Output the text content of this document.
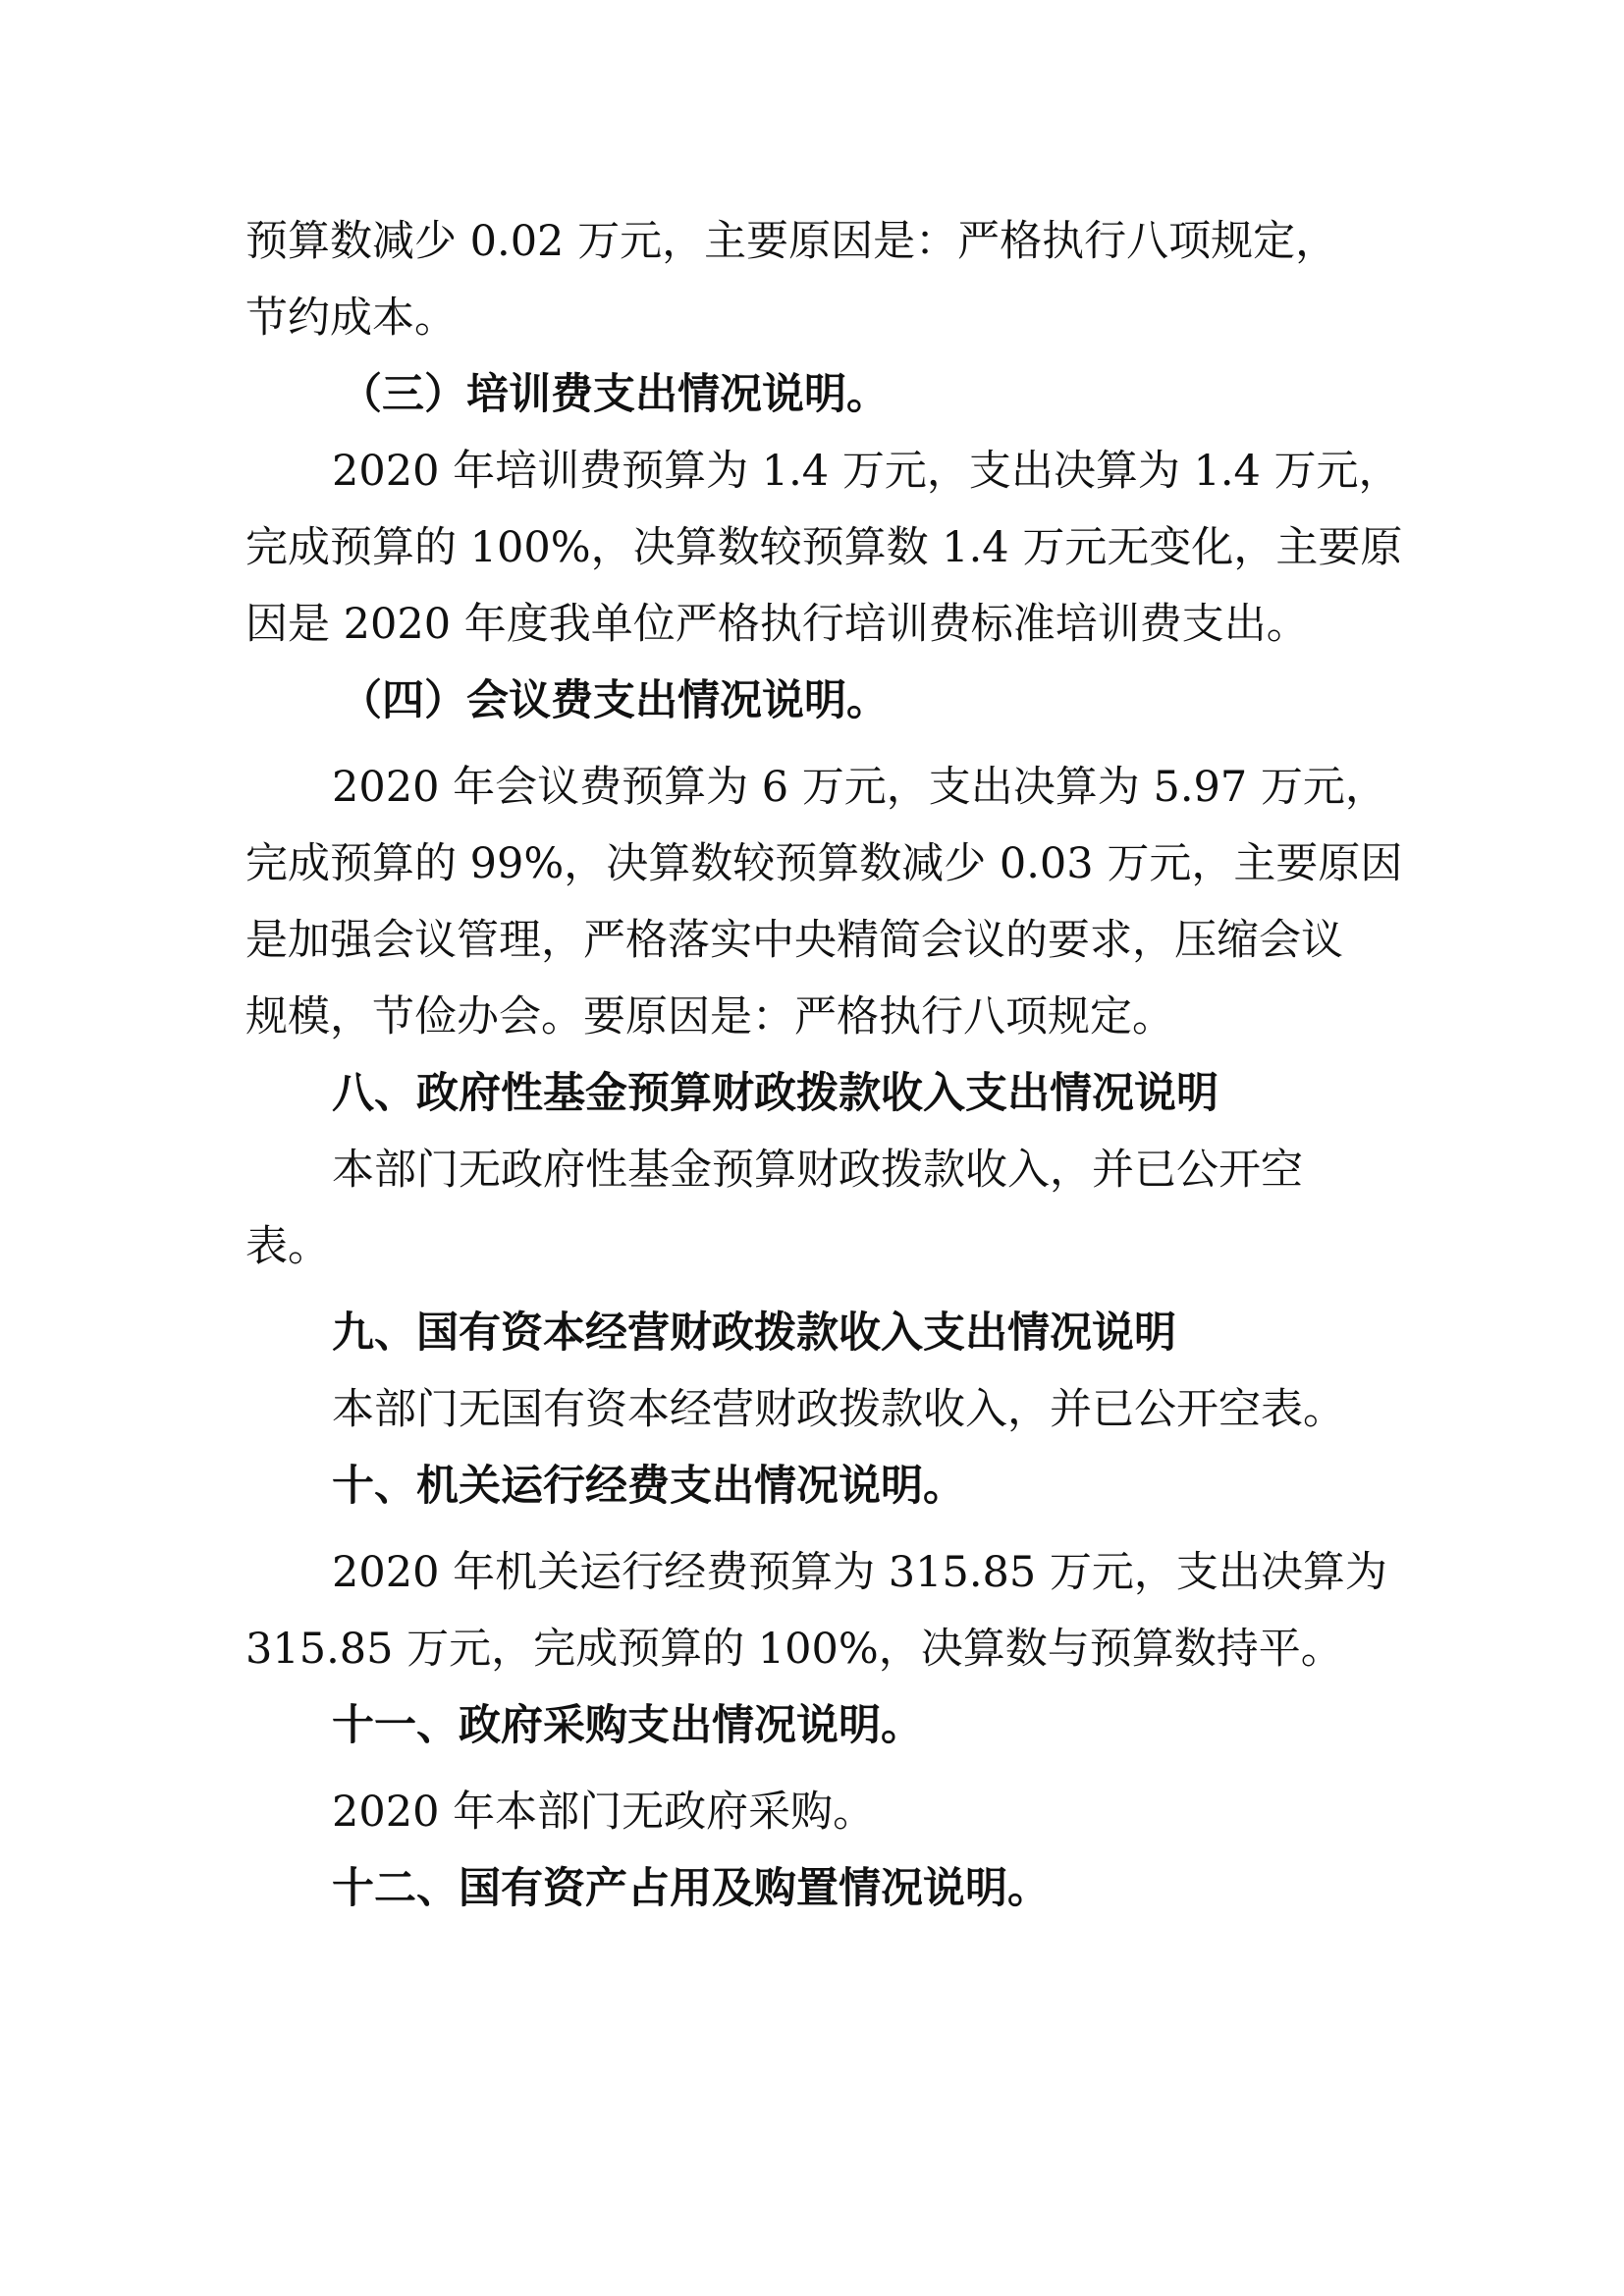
预算数减少 0.02 万元，主要原因是：严格执行八项规定，
节约成本。
（三）培训费支出情况说明。
2020 年培训费预算为 1.4 万元，支出决算为 1.4 万元，
完成预算的 100%，决算数较预算数 1.4 万元无变化，主要原
因是 2020 年度我单位严格执行培训费标准培训费支出。
（四）会议费支出情况说明。
2020 年会议费预算为 6 万元，支出决算为 5.97 万元，
完成预算的 99%，决算数较预算数减少 0.03 万元，主要原因
是加强会议管理，严格落实中央精简会议的要求，压缩会议
规模，节俭办会。要原因是：严格执行八项规定。
八、政府性基金预算财政拨款收入支出情况说明
本部门无政府性基金预算财政拨款收入，并已公开空
表。
九、国有资本经营财政拨款收入支出情况说明
本部门无国有资本经营财政拨款收入，并已公开空表。
十、机关运行经费支出情况说明。
2020 年机关运行经费预算为 315.85 万元，支出决算为
315.85 万元，完成预算的 100%，决算数与预算数持平。
十一、政府采购支出情况说明。
2020 年本部门无政府采购。
十二、国有资产占用及购置情况说明。
